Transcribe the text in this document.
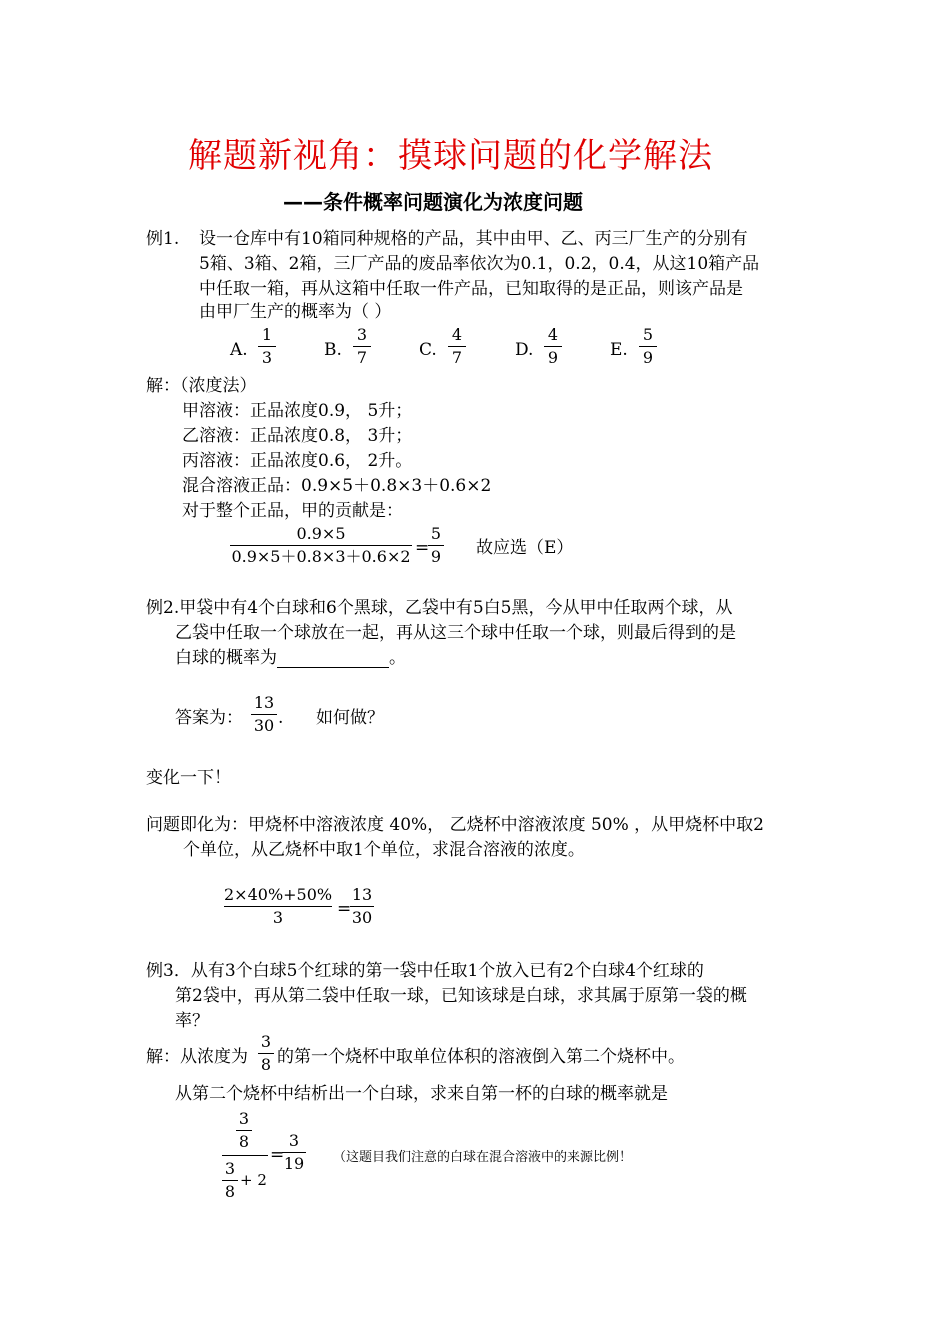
解题新视角：摸球问题的化学解法
——条件概率问题演化为浓度问题
例1. 设一仓库中有10箱同种规格的产品，其中由甲、乙、丙三厂生产的分别有
5箱、3箱、2箱，三厂产品的废品率依次为0.1，0.2，0.4，从这10箱产品
中任取一箱，再从这箱中任取一件产品，已知取得的是正品，则该产品是
由甲厂生产的概率为（ ）
A.
1
3	B.
3
7	C.
4
7	D.
4
9	E.
5
9
解：（浓度法）
甲溶液：正品浓度0.9， 5升；
乙溶液：正品浓度0.8， 3升；
丙溶液：正品浓度0.6， 2升。
混合溶液正品：0.9×5＋0.8×3＋0.6×2
对于整个正品，甲的贡献是：
0.9×5
0.9×5＋0.8×3＋0.6×2 =
5
9 故应选（E）
例2.甲袋中有4个白球和6个黑球，乙袋中有5白5黑，今从甲中任取两个球，从
乙袋中任取一个球放在一起，再从这三个球中任取一个球，则最后得到的是
白球的概率为	。
答案为：
13
30 . 如何做？
变化一下！
问题即化为：甲烧杯中溶液浓度 40%， 乙烧杯中溶液浓度 50% ，从甲烧杯中取2
个单位，从乙烧杯中取1个单位，求混合溶液的浓度。
2×40%+50%
3	=
13
30
例3．从有3个白球5个红球的第一袋中任取1个放入已有2个白球4个红球的
第2袋中，再从第二袋中任取一球，已知该球是白球，求其属于原第一袋的概
率？
解：从浓度为
3
8 的第一个烧杯中取单位体积的溶液倒入第二个烧杯中。
从第二个烧杯中结析出一个白球，求来自第一杯的白球的概率就是
3
8
3
8
+ 2
=
3
19 （这题目我们注意的白球在混合溶液中的来源比例！
